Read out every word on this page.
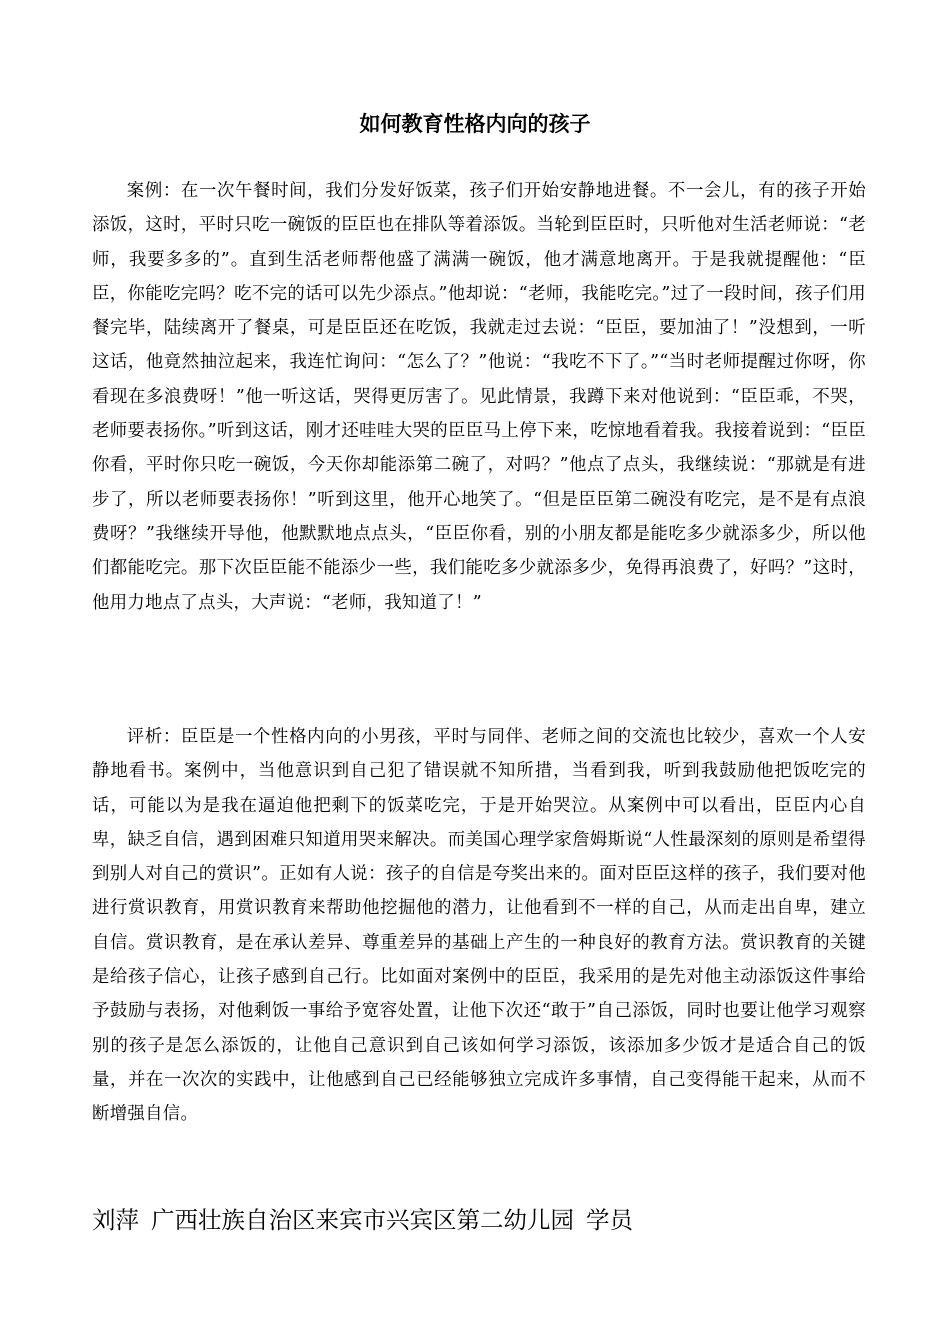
如何教育性格内向的孩子

案例：在一次午餐时间，我们分发好饭菜，孩子们开始安静地进餐。不一会儿，有的孩子开始添饭，这时，平时只吃一碗饭的臣臣也在排队等着添饭。当轮到臣臣时，只听他对生活老师说：“老师，我要多多的”。直到生活老师帮他盛了满满一碗饭，他才满意地离开。于是我就提醒他：“臣臣，你能吃完吗？吃不完的话可以先少添点。”他却说：“老师，我能吃完。”过了一段时间，孩子们用餐完毕，陆续离开了餐桌，可是臣臣还在吃饭，我就走过去说：“臣臣，要加油了！”没想到，一听这话，他竟然抽泣起来，我连忙询问：“怎么了？”他说：“我吃不下了。”“当时老师提醒过你呀，你看现在多浪费呀！”他一听这话，哭得更厉害了。见此情景，我蹲下来对他说到：“臣臣乖，不哭，老师要表扬你。”听到这话，刚才还哇哇大哭的臣臣马上停下来，吃惊地看着我。我接着说到：“臣臣你看，平时你只吃一碗饭，今天你却能添第二碗了，对吗？”他点了点头，我继续说：“那就是有进步了，所以老师要表扬你！”听到这里，他开心地笑了。“但是臣臣第二碗没有吃完，是不是有点浪费呀？”我继续开导他，他默默地点点头，“臣臣你看，别的小朋友都是能吃多少就添多少，所以他们都能吃完。那下次臣臣能不能添少一些，我们能吃多少就添多少，免得再浪费了，好吗？”这时，他用力地点了点头，大声说：“老师，我知道了！”

评析：臣臣是一个性格内向的小男孩，平时与同伴、老师之间的交流也比较少，喜欢一个人安静地看书。案例中，当他意识到自己犯了错误就不知所措，当看到我，听到我鼓励他把饭吃完的话，可能以为是我在逼迫他把剩下的饭菜吃完，于是开始哭泣。从案例中可以看出，臣臣内心自卑，缺乏自信，遇到困难只知道用哭来解决。而美国心理学家詹姆斯说“人性最深刻的原则是希望得到别人对自己的赏识”。正如有人说：孩子的自信是夸奖出来的。面对臣臣这样的孩子，我们要对他进行赏识教育，用赏识教育来帮助他挖掘他的潜力，让他看到不一样的自己，从而走出自卑，建立自信。赏识教育，是在承认差异、尊重差异的基础上产生的一种良好的教育方法。赏识教育的关键是给孩子信心，让孩子感到自己行。比如面对案例中的臣臣，我采用的是先对他主动添饭这件事给予鼓励与表扬，对他剩饭一事给予宽容处置，让他下次还“敢于”自己添饭，同时也要让他学习观察别的孩子是怎么添饭的，让他自己意识到自己该如何学习添饭，该添加多少饭才是适合自己的饭量，并在一次次的实践中，让他感到自己已经能够独立完成许多事情，自己变得能干起来，从而不断增强自信。

刘萍 广西壮族自治区来宾市兴宾区第二幼儿园 学员
